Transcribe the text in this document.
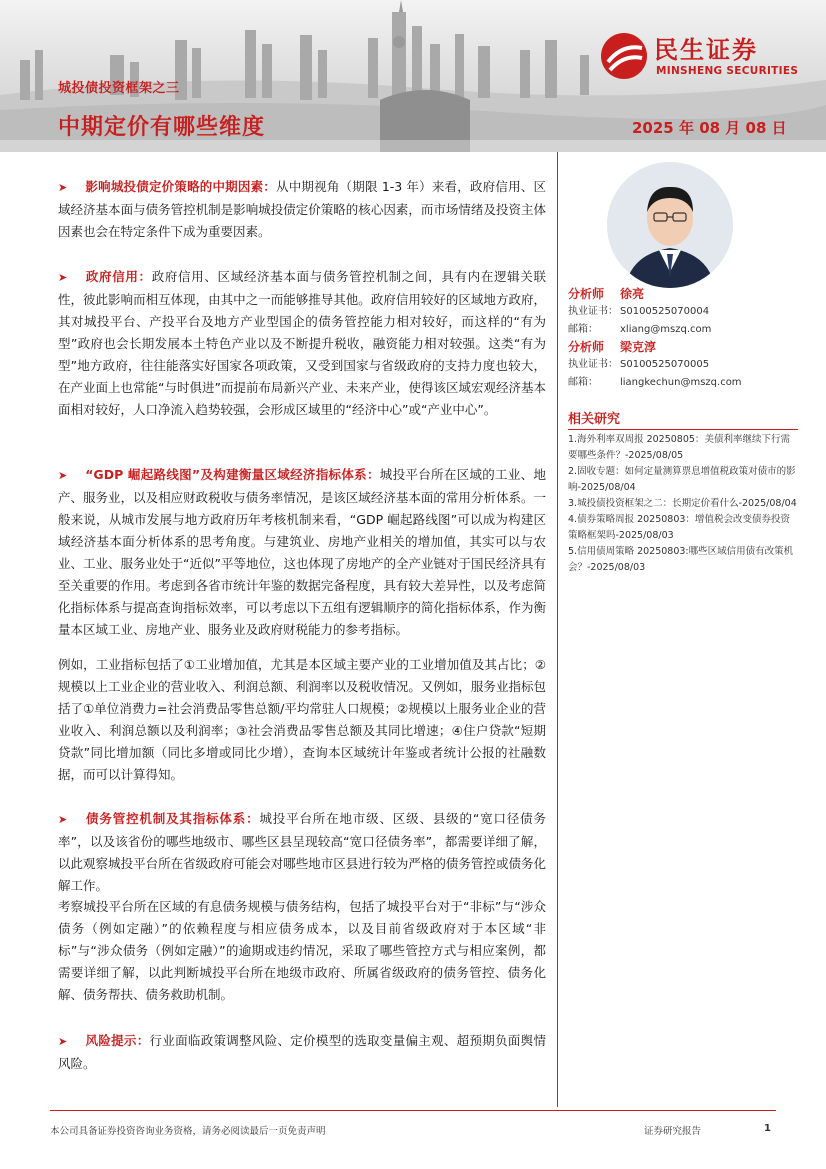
民生证券
MINSHENG SECURITIES
城投债投资框架之三
中期定价有哪些维度	2025 年 08 月 08 日

➤ 影响城投债定价策略的中期因素：从中期视角（期限 1-3 年）来看，政府信用、区域经济基本面与债务管控机制是影响城投债定价策略的核心因素，而市场情绪及投资主体因素也会在特定条件下成为重要因素。

➤ 政府信用：政府信用、区域经济基本面与债务管控机制之间，具有内在逻辑关联性，彼此影响而相互体现，由其中之一而能够推导其他。政府信用较好的区域地方政府，其对城投平台、产投平台及地方产业型国企的债务管控能力相对较好，而这样的“有为型”政府也会长期发展本土特色产业以及不断提升税收，融资能力相对较强。这类“有为型”地方政府，往往能落实好国家各项政策，又受到国家与省级政府的支持力度也较大，在产业面上也常能“与时俱进”而提前布局新兴产业、未来产业，使得该区域宏观经济基本面相对较好，人口净流入趋势较强，会形成区域里的“经济中心”或“产业中心”。

➤ “GDP 崛起路线图”及构建衡量区域经济指标体系：城投平台所在区域的工业、地产、服务业，以及相应财政税收与债务率情况，是该区域经济基本面的常用分析体系。一般来说，从城市发展与地方政府历年考核机制来看，“GDP 崛起路线图”可以成为构建区域经济基本面分析体系的思考角度。与建筑业、房地产业相关的增加值，其实可以与农业、工业、服务业处于“近似”平等地位，这也体现了房地产的全产业链对于国民经济具有至关重要的作用。考虑到各省市统计年鉴的数据完备程度，具有较大差异性，以及考虑简化指标体系与提高查询指标效率，可以考虑以下五组有逻辑顺序的简化指标体系，作为衡量本区域工业、房地产业、服务业及政府财税能力的参考指标。

例如，工业指标包括了①工业增加值，尤其是本区域主要产业的工业增加值及其占比；②规模以上工业企业的营业收入、利润总额、利润率以及税收情况。又例如，服务业指标包括了①单位消费力=社会消费品零售总额/平均常驻人口规模；②规模以上服务业企业的营业收入、利润总额以及利润率；③社会消费品零售总额及其同比增速；④住户贷款“短期贷款”同比增加额（同比多增或同比少增），查询本区域统计年鉴或者统计公报的社融数据，而可以计算得知。

➤ 债务管控机制及其指标体系：城投平台所在地市级、区级、县级的“宽口径债务率”，以及该省份的哪些地级市、哪些区县呈现较高“宽口径债务率”，都需要详细了解，以此观察城投平台所在省级政府可能会对哪些地市区县进行较为严格的债务管控或债务化解工作。

考察城投平台所在区域的有息债务规模与债务结构，包括了城投平台对于“非标”与“涉众债务（例如定融）”的依赖程度与相应债务成本，以及目前省级政府对于本区域“非标”与“涉众债务（例如定融）”的逾期或违约情况，采取了哪些管控方式与相应案例，都需要详细了解，以此判断城投平台所在地级市政府、所属省级政府的债务管控、债务化解、债务帮扶、债务救助机制。

➤ 风险提示：行业面临政策调整风险、定价模型的选取变量偏主观、超预期负面舆情风险。

分析师	徐亮
执业证书： S0100525070004
邮箱：	xliang@mszq.com
分析师	梁克淳
执业证书： S0100525070005
邮箱：	liangkechun@mszq.com
相关研究
1.海外利率双周报 20250805：美债利率继续下行需要哪些条件？-2025/08/05
2.固收专题：如何定量测算票息增值税政策对债市的影响-2025/08/04
3.城投债投资框架之二：长期定价看什么-2025/08/04
4.债券策略周报 20250803：增值税会改变债券投资策略框架吗-2025/08/03
5.信用债周策略 20250803:哪些区域信用债有改策机会？-2025/08/03
本公司具备证券投资咨询业务资格，请务必阅读最后一页免责声明	证券研究报告	1
